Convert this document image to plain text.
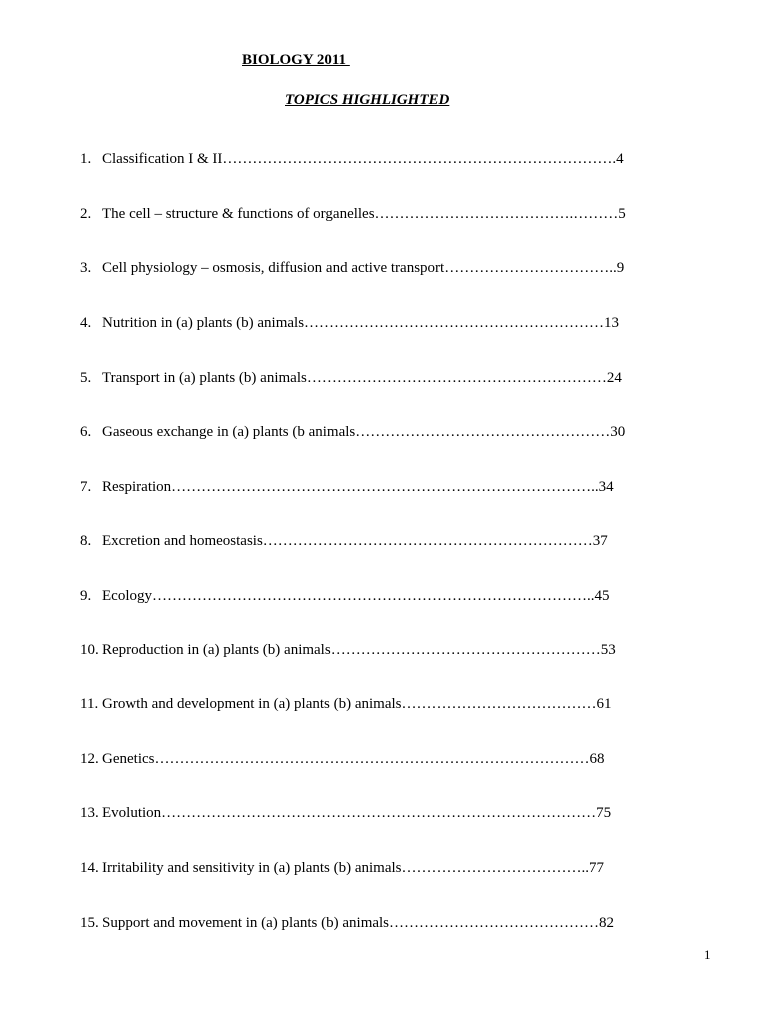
BIOLOGY 2011
TOPICS HIGHLIGHTED
1. Classification I & II…………………………………………………………………….4
2. The cell – structure & functions of organelles………………………………….………5
3. Cell physiology – osmosis, diffusion and active transport……………………………..9
4. Nutrition in (a) plants (b) animals……………………………………………………13
5. Transport in (a) plants (b) animals……………………………………………………24
6. Gaseous exchange in (a) plants (b animals……………………………………………30
7. Respiration…………………………………………………………………………..34
8. Excretion and homeostasis…………………………………………………………37
9. Ecology……………………………………………………………………………..45
10. Reproduction in (a) plants (b) animals………………………………………………53
11. Growth and development in (a) plants (b) animals…………………………………61
12. Genetics……………………………………………………………………………68
13. Evolution……………………………………………………………………………75
14. Irritability and sensitivity in (a) plants (b) animals………………………………..77
15. Support and movement in (a) plants (b) animals……………………………………82
1
